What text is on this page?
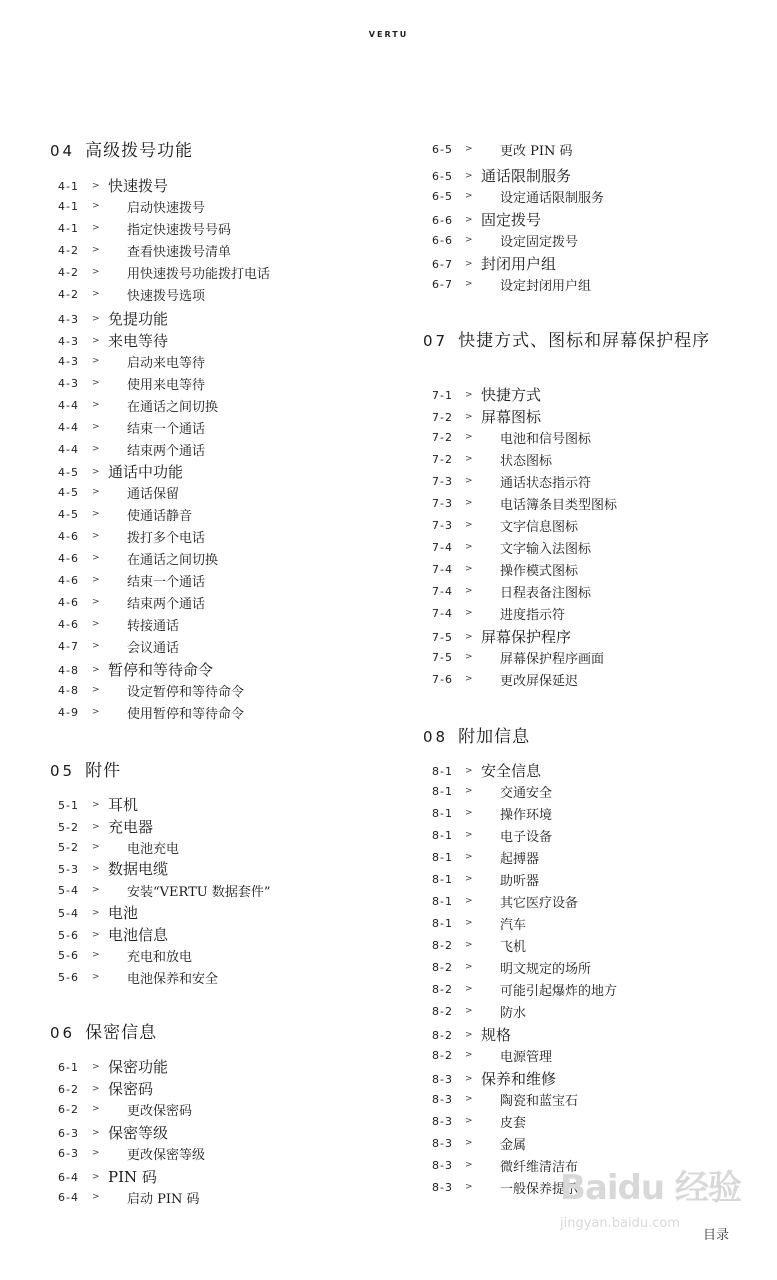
VERTU
04 高级拨号功能
4-1 > 快速拨号
4-1 > 启动快速拨号
4-1 > 指定快速拨号号码
4-2 > 查看快速拨号清单
4-2 > 用快速拨号功能拨打电话
4-2 > 快速拨号选项
4-3 > 免提功能
4-3 > 来电等待
4-3 > 启动来电等待
4-3 > 使用来电等待
4-4 > 在通话之间切换
4-4 > 结束一个通话
4-4 > 结束两个通话
4-5 > 通话中功能
4-5 > 通话保留
4-5 > 使通话静音
4-6 > 拨打多个电话
4-6 > 在通话之间切换
4-6 > 结束一个通话
4-6 > 结束两个通话
4-6 > 转接通话
4-7 > 会议通话
4-8 > 暂停和等待命令
4-8 > 设定暂停和等待命令
4-9 > 使用暂停和等待命令
05 附件
5-1 > 耳机
5-2 > 充电器
5-2 > 电池充电
5-3 > 数据电缆
5-4 > 安装“VERTU 数据套件”
5-4 > 电池
5-6 > 电池信息
5-6 > 充电和放电
5-6 > 电池保养和安全
06 保密信息
6-1 > 保密功能
6-2 > 保密码
6-2 > 更改保密码
6-3 > 保密等级
6-3 > 更改保密等级
6-4 > PIN 码
6-4 > 启动 PIN 码
6-5 > 更改 PIN 码
6-5 > 通话限制服务
6-5 > 设定通话限制服务
6-6 > 固定拨号
6-6 > 设定固定拨号
6-7 > 封闭用户组
6-7 > 设定封闭用户组
07 快捷方式、图标和屏幕保护程序
7-1 > 快捷方式
7-2 > 屏幕图标
7-2 > 电池和信号图标
7-2 > 状态图标
7-3 > 通话状态指示符
7-3 > 电话簿条目类型图标
7-3 > 文字信息图标
7-4 > 文字输入法图标
7-4 > 操作模式图标
7-4 > 日程表备注图标
7-4 > 进度指示符
7-5 > 屏幕保护程序
7-5 > 屏幕保护程序画面
7-6 > 更改屏保延迟
08 附加信息
8-1 > 安全信息
8-1 > 交通安全
8-1 > 操作环境
8-1 > 电子设备
8-1 > 起搏器
8-1 > 助听器
8-1 > 其它医疗设备
8-1 > 汽车
8-2 > 飞机
8-2 > 明文规定的场所
8-2 > 可能引起爆炸的地方
8-2 > 防水
8-2 > 规格
8-2 > 电源管理
8-3 > 保养和维修
8-3 > 陶瓷和蓝宝石
8-3 > 皮套
8-3 > 金属
8-3 > 微纤维清洁布
8-3 > 一般保养提示
Baidu 经验
jingyan.baidu.com
目录
